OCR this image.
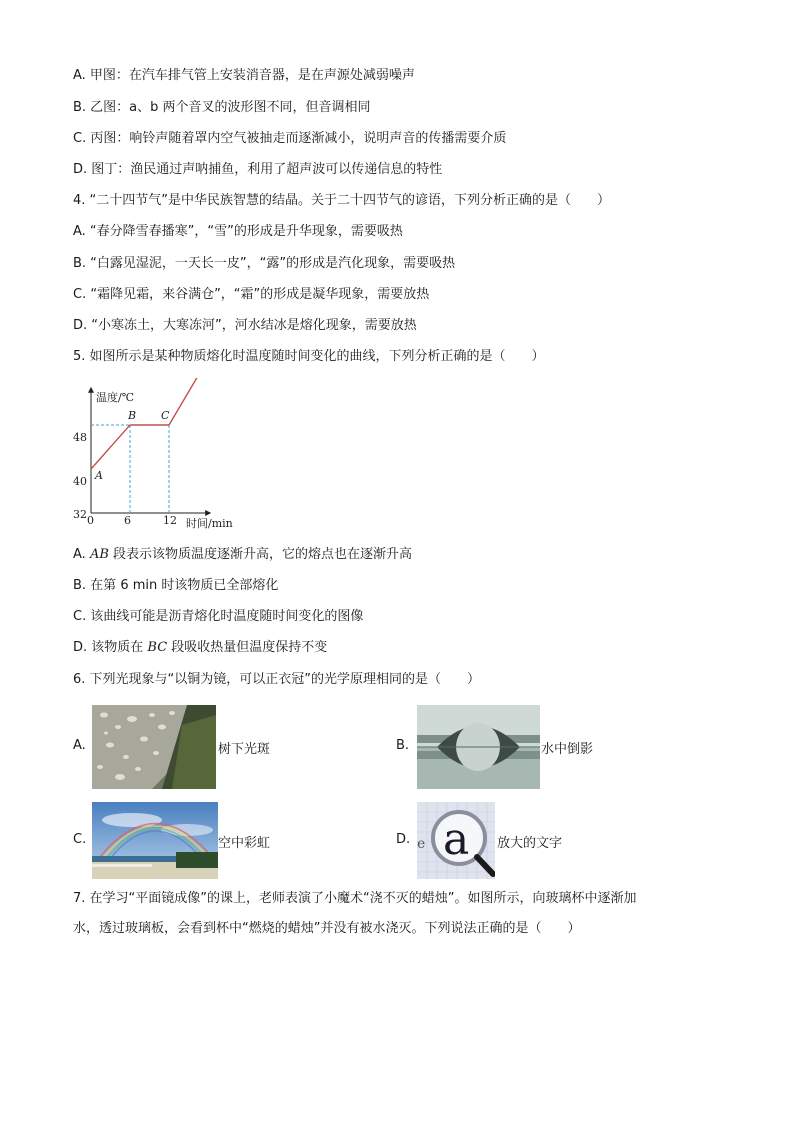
A. 甲图：在汽车排气管上安装消音器，是在声源处减弱噪声
B. 乙图：a、b 两个音叉的波形图不同，但音调相同
C. 丙图：响铃声随着罩内空气被抽走而逐渐减小，说明声音的传播需要介质
D. 图丁：渔民通过声呐捕鱼，利用了超声波可以传递信息的特性
4. “二十四节气”是中华民族智慧的结晶。关于二十四节气的谚语，下列分析正确的是（　　）
A. “春分降雪春播寒”，“雪”的形成是升华现象，需要吸热
B. “白露见湿泥，一天长一皮”，“露”的形成是汽化现象，需要吸热
C. “霜降见霜，来谷满仓”，“霜”的形成是凝华现象，需要放热
D. “小寒冻土，大寒冻河”，河水结冰是熔化现象，需要放热
5. 如图所示是某种物质熔化时温度随时间变化的曲线，下列分析正确的是（　　）
温度/℃
时间/min
0	6	12
32
40
48
A
B C
A. AB 段表示该物质温度逐渐升高，它的熔点也在逐渐升高
B. 在第 6 min 时该物质已全部熔化
C. 该曲线可能是沥青熔化时温度随时间变化的图像
D. 该物质在 BC 段吸收热量但温度保持不变
6. 下列光现象与“以铜为镜，可以正衣冠”的光学原理相同的是（　　）
A.	树下光斑	B.	水中倒影
C.	空中彩虹	D. e a 放大的文字
7. 在学习“平面镜成像”的课上，老师表演了小魔术“浇不灭的蜡烛”。如图所示，向玻璃杯中逐渐加
水，透过玻璃板，会看到杯中“燃烧的蜡烛”并没有被水浇灭。下列说法正确的是（　　）
